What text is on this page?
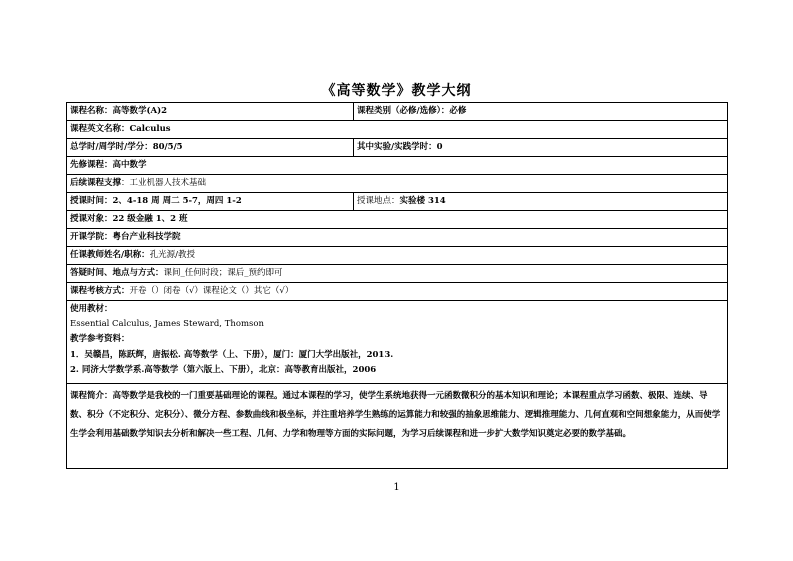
《高等数学》教学大纲
课程名称：高等数学(A)2	课程类别（必修/选修）：必修
课程英文名称：Calculus	
总学时/周学时/学分：80/5/5	其中实验/实践学时：0
先修课程：高中数学	
后续课程支撑：工业机器人技术基础	
授课时间：2、4-18 周 周二 5-7，周四 1-2	授课地点：实验楼 314
授课对象：22 级金融 1、2 班	
开课学院：粤台产业科技学院	
任课教师姓名/职称：孔光源/教授	
答疑时间、地点与方式：课间_任何时段；课后_预约即可	
课程考核方式：开卷（）闭卷（√）课程论文（）其它（√）	

使用教材：
Essential Calculus, James Steward, Thomson
教学参考资料：
1．吴赣昌，陈跃辉，唐振松. 高等数学（上、下册），厦门：厦门大学出版社，2013.
2. 同济大学数学系.高等数学（第六版上、下册），北京：高等教育出版社，2006	

课程简介：高等数学是我校的一门重要基础理论的课程。通过本课程的学习，使学生系统地获得一元函数微积分的基本知识和理论；本课程重点学习函数、极限、连续、导数、积分（不定积分、定积分）、微分方程、参数曲线和极坐标，并注重培养学生熟练的运算能力和较强的抽象思维能力、逻辑推理能力、几何直观和空间想象能力，从而使学生学会利用基础数学知识去分析和解决一些工程、几何、力学和物理等方面的实际问题，为学习后续课程和进一步扩大数学知识奠定必要的数学基础。	
1
